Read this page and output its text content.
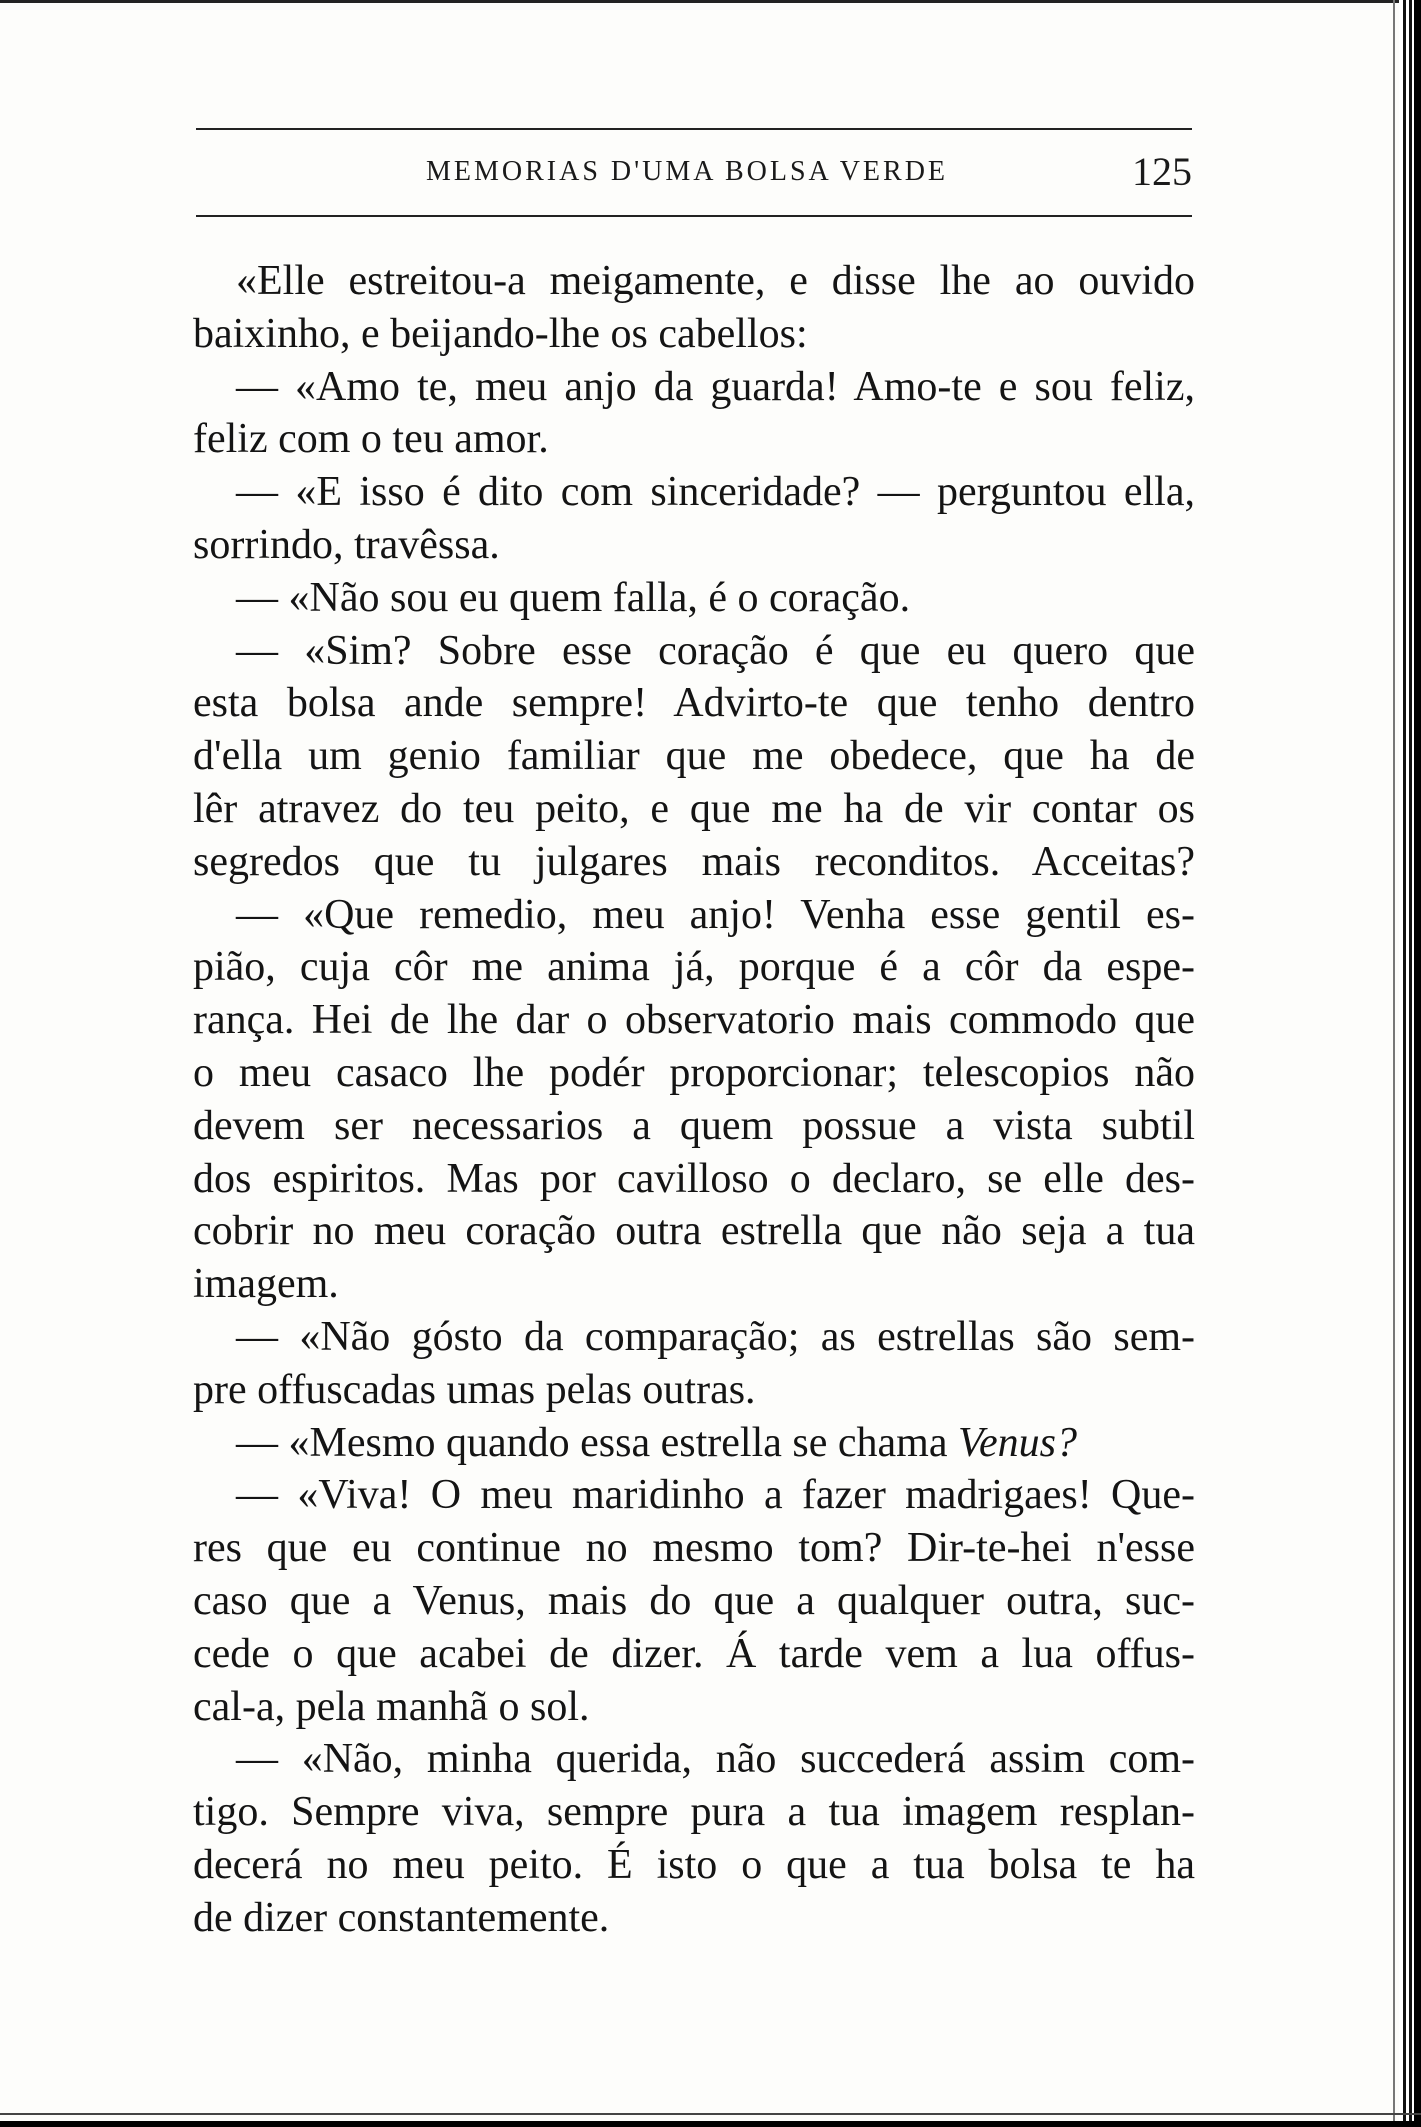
MEMORIAS D'UMA BOLSA VERDE	125
«Elle estreitou-a meigamente, e disse lhe ao ouvido
baixinho, e beijando-lhe os cabellos:
— «Amo te, meu anjo da guarda! Amo-te e sou feliz,
feliz com o teu amor.
— «E isso é dito com sinceridade? — perguntou ella,
sorrindo, travêssa.
— «Não sou eu quem falla, é o coração.
— «Sim? Sobre esse coração é que eu quero que
esta bolsa ande sempre! Advirto-te que tenho dentro
d'ella um genio familiar que me obedece, que ha de
lêr atravez do teu peito, e que me ha de vir contar os
segredos que tu julgares mais reconditos. Acceitas?
— «Que remedio, meu anjo! Venha esse gentil es-
pião, cuja côr me anima já, porque é a côr da espe-
rança. Hei de lhe dar o observatorio mais commodo que
o meu casaco lhe podér proporcionar; telescopios não
devem ser necessarios a quem possue a vista subtil
dos espiritos. Mas por cavilloso o declaro, se elle des-
cobrir no meu coração outra estrella que não seja a tua
imagem.
— «Não gósto da comparação; as estrellas são sem-
pre offuscadas umas pelas outras.
— «Mesmo quando essa estrella se chama Venus?
— «Viva! O meu maridinho a fazer madrigaes! Que-
res que eu continue no mesmo tom? Dir-te-hei n'esse
caso que a Venus, mais do que a qualquer outra, suc-
cede o que acabei de dizer. Á tarde vem a lua offus-
cal-a, pela manhã o sol.
— «Não, minha querida, não succederá assim com-
tigo. Sempre viva, sempre pura a tua imagem resplan-
decerá no meu peito. É isto o que a tua bolsa te ha
de dizer constantemente.
